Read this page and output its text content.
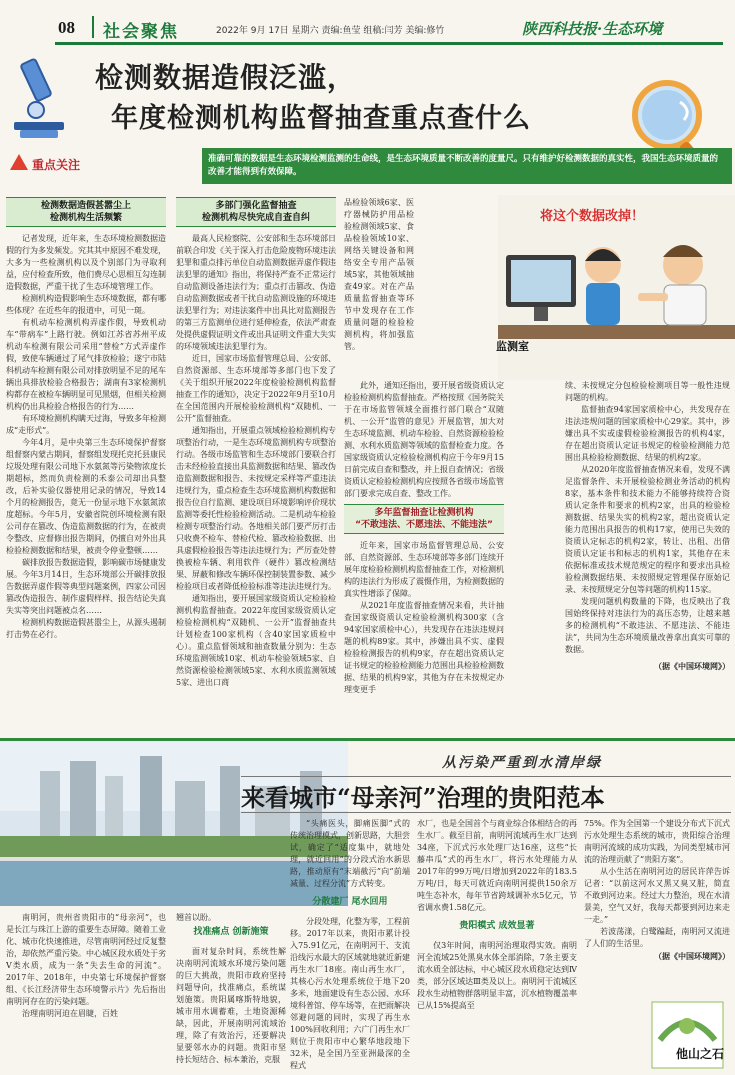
08 社会聚焦	2022年 9月 17日 星期六 责编:鱼莹 组稿:闫芳 美编:修竹	陕西科技报·生态环境
重点关注
检测数据造假泛滥，
年度检测机构监督抽查重点查什么
准确可靠的数据是生态环境检测监测的生命线，是生态环境质量不断改善的度量尺。只有维护好检测数据的真实性，我国生态环境质量的改善才能得到有效保障。
检测数据造假甚嚣尘上
检测机构生活频繁

记者发现，近年来，生态环境检测数据造假的行为多发频发。究其其中原因不难发现，大多为一些检测机构以及个别部门为寻取利益，应付检查所致，他们费尽心思相互勾连制造假数据，严重干扰了生态环境管理工作。

检测机构造假影响生态环境数据，都有哪些体现？在近些年的报道中，可见一斑。

有机动车检测机构弄虚作假，导致机动车“带病车”上路行驶。例如江苏省苏州平成机动车检测有限公司采用“替检”方式弄虚作假，致使车辆通过了尾气排放检验；遂宁市陆科机动车检测有限公司对排放明显不足的尾车辆出具排放检验合格报告；湖南有3家检测机构都存在被检车辆明显可见黑烟，但相关检测机构仍出具检验合格报告的行为……

有环境检测机构瞒天过海，导致多年检测成“走形式”。

今年4月，是中央第三生态环境保护督察组督察内蒙古期间，督察组发现托克托县康民垃圾处理有限公司地下水氨氮等污染物浓度长期超标，然而负责检测的禾泰公司却出具整改，后补实验仪器使用记录的情况，导致14个月的检测报告，竟无一份显示地下水氨氮浓度超标。今年5月，安徽省院创环境检测有限公司存在篡改、伪造监测数据的行为，在被责令整改、应督修出报告期间，仍擅自对外出具检验检测数据和结果，被责令停业整顿……

碳排放报告数据造假，影响碳市场健康发展。今年3月14日，生态环境部公开碳排放报告数据弄虚作假等典型问题案例，四家公司因篡改伪造报告、制作虚假样样、报告结论失真失实等突出问题被点名……

检测机构数据造假甚嚣尘上，从源头遏制打击势在必行。

多部门强化监督抽查
检测机构尽快完成自查自纠

最高人民检察院、公安部和生态环境部日前联合印发《关于深入打击危险废物环境违法犯罪和重点排污单位自动监测数据弄虚作假违法犯罪的通知》指出，将保持严查不正常运行自动监测设备违法行为；重点打击篡改、伪造自动监测数据或者干扰自动监测设施的环境违法犯罪行为；对违法案件中出具比对监测报告的第三方监测单位进行延伸检查，依法严肃查处提供虚假证明文件或出具证明文件重大失实的环境领域违法犯罪行为。

近日，国家市场监督管理总局、公安部、自然资源部、生态环境部等多部门也下发了《关于组织开展2022年度检验检测机构监督抽查工作的通知》，决定于2022年9月至10月在全国范围内开展检验检测机构“双随机、一公开”监督抽查。

通知指出，开展重点领域检验检测机构专项整治行动，一是生态环境监测机构专项整治行动。各级市场监管和生态环境部门要联合打击未经检验直接出具监测数据和结果、篡改伪造监测数据和报告、未按规定采样等严重违法违规行为，重点检查生态环境监测机构数据和报告位自行监测、建设项目环境影响评价现状监测等委托性检验检测活动。二是机动车检验检测专项整治行动。各地相关部门要严厉打击只收费不检车、替检代检、篡改检验数据、出具虚假检验报告等违法违规行为；严厉查处替换被检车辆、利用软件（硬件）篡改检测结果、屏蔽和修改车辆环保控制装置参数、减少检验项目或者降低检验标准等违法违规行为。

通知指出，要开展国家级资质认定检验检测机构监督抽查。2022年度国家级资质认定检验检测机构“双随机、一公开”监督抽查共计划检查100家机构（含40家国家质检中心）。重点监督领域和抽查数量分别为：生态环境监测领域10家、机动车检验领域5家、自然资源检验检测领域5家、水利水质监测领域5家、进出口商

品检验领域6家、医疗器械防护用品检验检测领域5家、食品检验领域10家、网络关键设备和网络安全专用产品领域5家，其他领域抽查49家。对在产品质量监督抽查等环节中发现存在工作质量问题的检验检测机构，将加强监管。

此外，通知还指出，要开展省级资质认定检验检测机构监督抽查。严格按照《国务院关于在市场监管领域全面推行部门联合“双随机、一公开”监管的意见》开展监管，加大对生态环境监测、机动车检验、自然资源检验检测、水利水质监测等领域的监督检查力度。各国家级资质认定检验检测机构应于今年9月15日前完成自查和整改，并上报自查情况；省级资质认定检验检测机构应按照各省级市场监管部门要求完成自查、整改工作。

多年监督抽查让检测机构
“不敢违法、不愿违法、不能违法”

近年来，国家市场监督管理总局、公安部、自然资源部、生态环境部等多部门连续开展年度检验检测机构监督抽查工作，对检测机构的违法行为形成了震慑作用，为检测数据的真实性增添了保障。

从2021年度监督抽查情况来看，共计抽查国家级资质认定检验检测机构300家（含94家国家质检中心），共发现存在违法违规问题的机构89家。其中，涉嫌出具不实、虚假检验检测报告的机构9家，存在超出资质认定证书规定的检验检测能力范围出具检验检测数据、结果的机构9家，其他为存在未按规定办理变更手

将这个数据改掉！
监测室

续、未按规定分包检验检测项目等一般性违规问题的机构。

监督抽查94家国家质检中心，共发现存在违法违规问题的国家质检中心29家。其中，涉嫌出具不实或虚假检验检测报告的机构4家，存在超出资质认定证书规定的检验检测能力范围出具检验检测数据、结果的机构2家。

从2020年度监督抽查情况来看，发现不满足监督条件、未开展检验检测业务活动的机构8家，基本条件和技术能力不能够持续符合资质认定条件和要求的机构2家，出具的检验检测数据、结果失实的机构2家，超出资质认定能力范围出具报告的机构17家，使用已失效的资质认定标志的机构2家，转让、出租、出借资质认定证书和标志的机构1家，其他存在未依据标准或技术规范规定的程序和要求出具检验检测数据结果、未按照规定管理保存原始记录、未按照规定分包等问题的机构115家。

发现问题机构数量的下降，也反映出了我国始终保持对违法行为的高压态势，让越来越多的检测机构“不敢违法、不愿违法、不能违法”，共同为生态环境质量改善拿出真实可靠的数据。

（据《中国环境网》）

从污染严重到水清岸绿
来看城市“母亲河”治理的贵阳范本

南明河，贵州省贵阳市的“母亲河”，也是长江与珠江上游的重要生态屏障。随着工业化、城市化快速推进，尽管南明河经过反复整治，却依然严重污染。中心城区段水质处于劣V类水质，成为一条“失去生命的河流”。2017年、2018年，中央第七环境保护督察组、《长江经济带生态环境警示片》先后指出南明河存在的污染问题。

治理南明河迫在眉睫，百姓

翘首以盼。

找准痛点 创新施策

面对复杂时间，系统性解决南明河流域水环境污染问题的巨大挑战，贵阳市政府坚持问题导向，找准痛点，系统谋划施策。贵阳属喀斯特地貌，城市用水调蓄难，土地资源稀缺，因此，开展南明河流域治理，除了有效治污，还要解决显要邻水办的问题。贵阳市坚持长短结合、标本兼治，克服

“头痛医头，脚痛医脚”式的传统治理模式，创新思路，大胆尝试，确定了“适度集中，就地处理，就近回用”的分段式治水新思路，推动原有“末端截污”向“前端减量、过程分流”方式转变。

分散建厂 尾水回用

分段处理，化整为零，工程前移。2017年以来，贵阳市累计投入75.91亿元，在南明河干、支流沿线污水最大的区域就地就近新建再生水厂18座。南山再生水厂，其核心污水处理系统位于地下20多米，地面建设有生态公园、水环境科普馆、停车场等，在把雨解决邻避问题的同时，实现了再生水100%回收利用；六广门再生水厂则位于贵阳市中心繁华地段地下32米，是全国乃至亚洲最深的全程式

水厂，也是全国首个与商业综合体相结合的再生水厂。截至目前，南明河流域再生水厂达到34座，下沉式污水处理厂达16座，这些“长藤串瓜”式的再生水厂，将污水处理能力从2017年的99万吨/日增加到2022年的183.5万吨/日，每天可就近向南明河提供150余万吨生态补水，每年节省跨域调补水5亿元，节省调水费1.58亿元。

贵阳模式 成效显著

仅3年时间，南明河治理取得实效。南明河全流域25处黑臭水体全部消除，7条主要支流水质全部达标，中心城区段水质稳定达到Ⅳ类，部分区域达Ⅲ类及以上。南明河干流城区段水生动植物群落明显丰富，沉水植物覆盖率已从15%提高至

75%。作为全国第一个建设分布式下沉式污水处理生态系统的城市，贵阳综合治理南明河流域的成功实践，为同类型城市河流的治理贡献了“贵阳方案”。

从小生活在南明河边的居民许萍告诉记者：“以前这河水又黑又臭又脏，简直不敢到河边来。经过大力整治，现在水清景美，空气又好，我每天都要到河边来走一走。”

若波荡漾，白鹭蹁跹，南明河又流进了人们的生活里。

（据《中国环境网》）

他山之石
